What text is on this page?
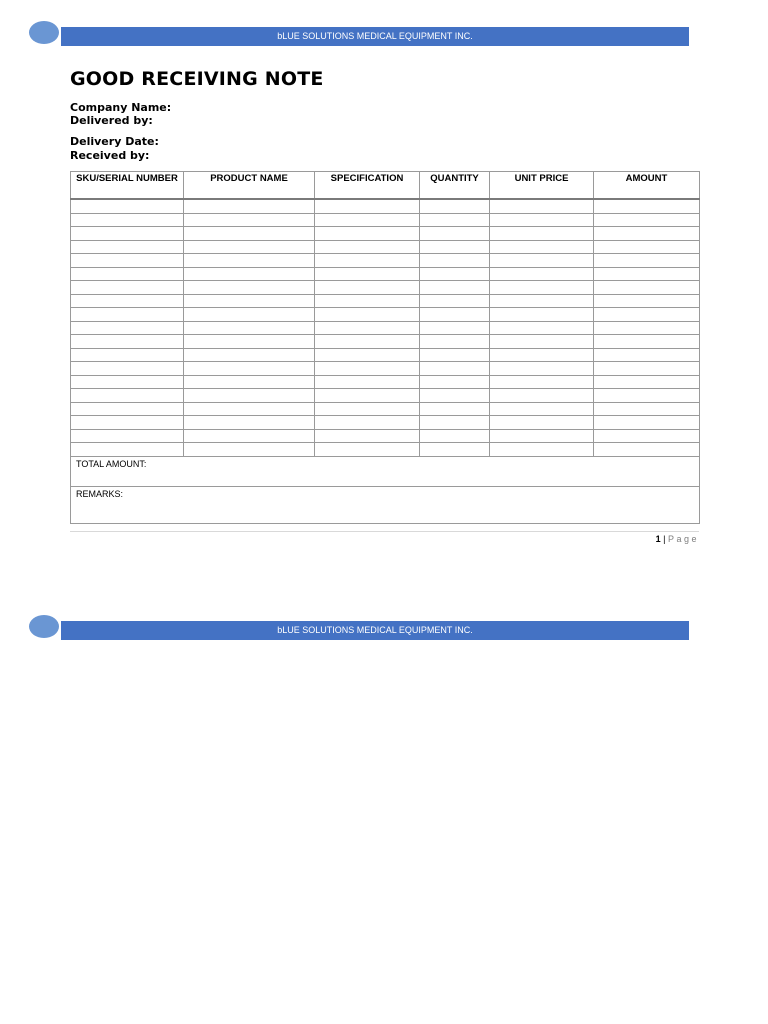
bLUE SOLUTIONS MEDICAL EQUIPMENT INC.
GOOD RECEIVING NOTE
Company Name:
Delivered by:
Delivery Date:
Received by:
SKU/SERIAL NUMBER	PRODUCT NAME	SPECIFICATION	QUANTITY	UNIT PRICE	AMOUNT

TOTAL AMOUNT:					
REMARKS:					
1 | Page
bLUE SOLUTIONS MEDICAL EQUIPMENT INC.
